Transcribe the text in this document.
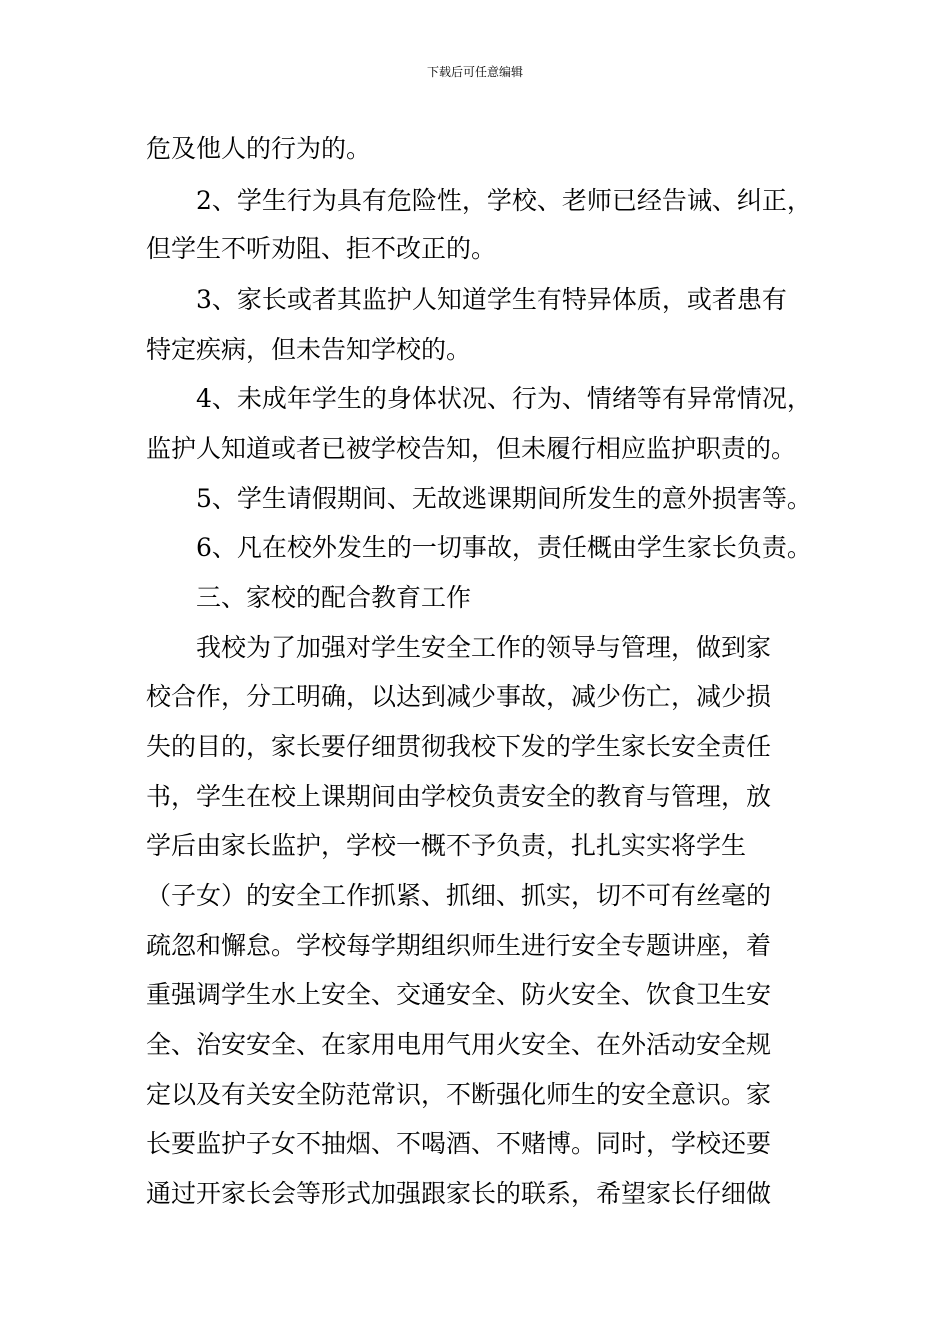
下载后可任意编辑
危及他人的行为的。
　　2、学生行为具有危险性，学校、老师已经告诫、纠正，
但学生不听劝阻、拒不改正的。
　　3、家长或者其监护人知道学生有特异体质，或者患有
特定疾病，但未告知学校的。
　　4、未成年学生的身体状况、行为、情绪等有异常情况，
监护人知道或者已被学校告知，但未履行相应监护职责的。
　　5、学生请假期间、无故逃课期间所发生的意外损害等。
　　6、凡在校外发生的一切事故，责任概由学生家长负责。
　　三、家校的配合教育工作
　　我校为了加强对学生安全工作的领导与管理，做到家
校合作，分工明确，以达到减少事故，减少伤亡，减少损
失的目的，家长要仔细贯彻我校下发的学生家长安全责任
书，学生在校上课期间由学校负责安全的教育与管理，放
学后由家长监护，学校一概不予负责，扎扎实实将学生
（子女）的安全工作抓紧、抓细、抓实，切不可有丝毫的
疏忽和懈怠。学校每学期组织师生进行安全专题讲座，着
重强调学生水上安全、交通安全、防火安全、饮食卫生安
全、治安安全、在家用电用气用火安全、在外活动安全规
定以及有关安全防范常识，不断强化师生的安全意识。家
长要监护子女不抽烟、不喝酒、不赌博。同时，学校还要
通过开家长会等形式加强跟家长的联系，希望家长仔细做
